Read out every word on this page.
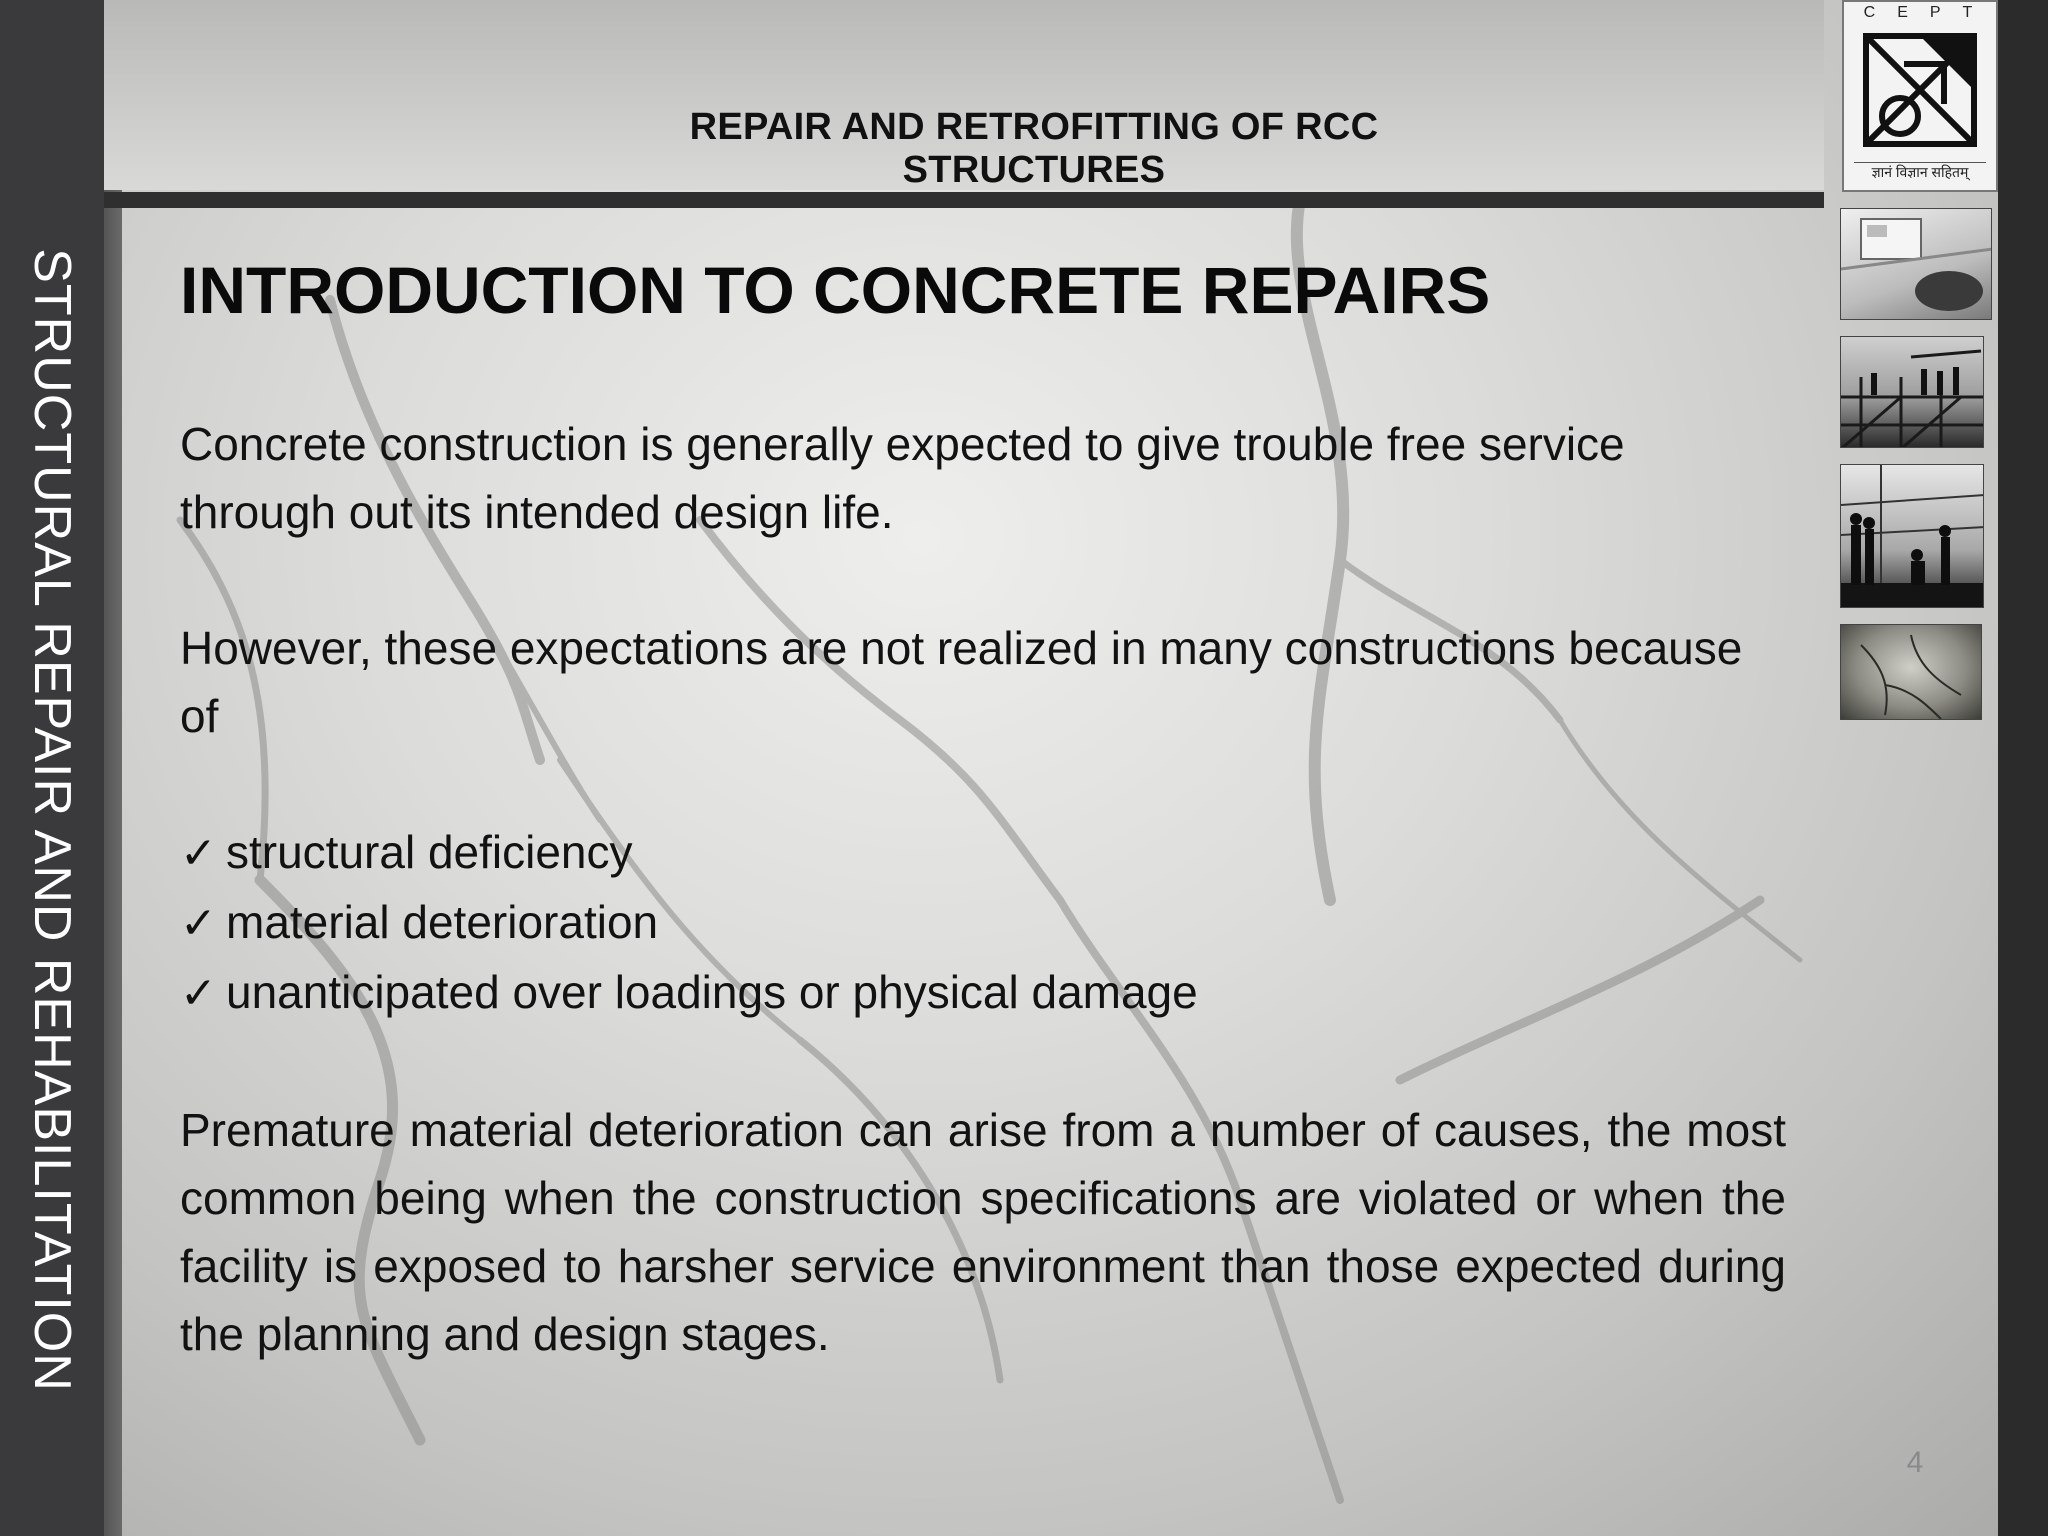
STRUCTURAL REPAIR AND REHABILITATION
REPAIR AND RETROFITTING OF RCC STRUCTURES
CEPT
ज्ञानं विज्ञान सहितम्
INTRODUCTION TO CONCRETE REPAIRS

Concrete construction is generally expected to give trouble free service through out its intended design life.

However, these expectations are not realized in many constructions because of

✓ structural deficiency
✓ material deterioration
✓ unanticipated over loadings or physical damage

Premature material deterioration can arise from a number of causes, the most common being when the construction specifications are violated or when the facility is exposed to harsher service environment than those expected during the planning and design stages.

4
